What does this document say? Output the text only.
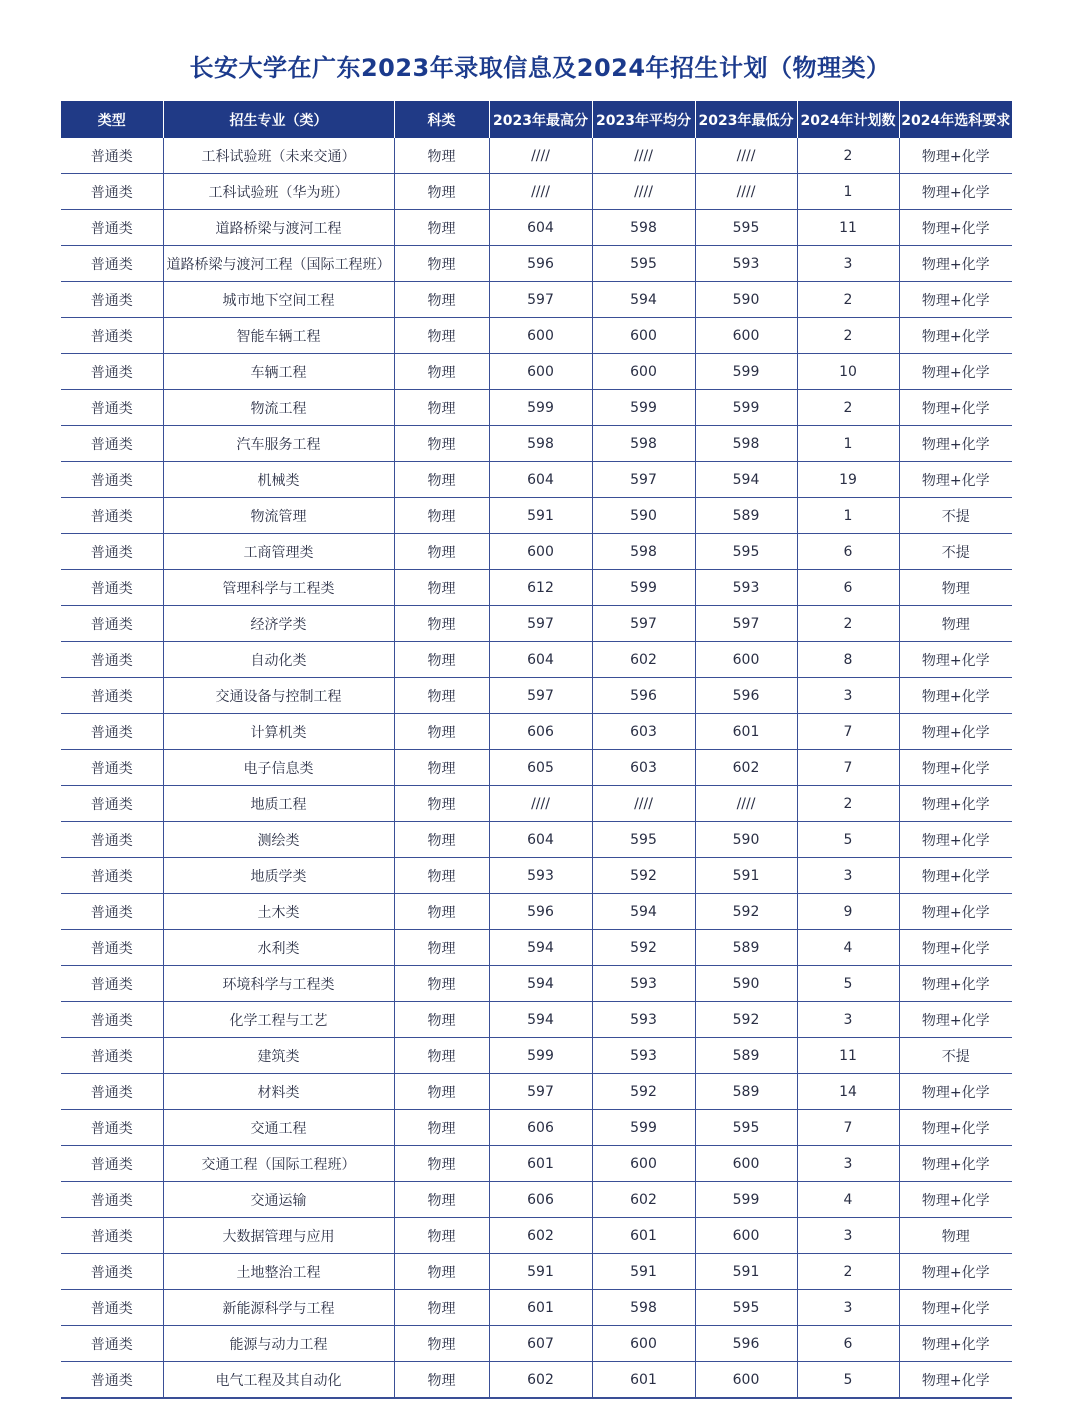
长安大学在广东2023年录取信息及2024年招生计划（物理类）
类型	招生专业（类）	科类	2023年最高分	2023年平均分	2023年最低分	2024年计划数	2024年选科要求
普通类	工科试验班（未来交通）	物理	////	////	////	2	物理+化学
普通类	工科试验班（华为班）	物理	////	////	////	1	物理+化学
普通类	道路桥梁与渡河工程	物理	604	598	595	11	物理+化学
普通类	道路桥梁与渡河工程（国际工程班）	物理	596	595	593	3	物理+化学
普通类	城市地下空间工程	物理	597	594	590	2	物理+化学
普通类	智能车辆工程	物理	600	600	600	2	物理+化学
普通类	车辆工程	物理	600	600	599	10	物理+化学
普通类	物流工程	物理	599	599	599	2	物理+化学
普通类	汽车服务工程	物理	598	598	598	1	物理+化学
普通类	机械类	物理	604	597	594	19	物理+化学
普通类	物流管理	物理	591	590	589	1	不提
普通类	工商管理类	物理	600	598	595	6	不提
普通类	管理科学与工程类	物理	612	599	593	6	物理
普通类	经济学类	物理	597	597	597	2	物理
普通类	自动化类	物理	604	602	600	8	物理+化学
普通类	交通设备与控制工程	物理	597	596	596	3	物理+化学
普通类	计算机类	物理	606	603	601	7	物理+化学
普通类	电子信息类	物理	605	603	602	7	物理+化学
普通类	地质工程	物理	////	////	////	2	物理+化学
普通类	测绘类	物理	604	595	590	5	物理+化学
普通类	地质学类	物理	593	592	591	3	物理+化学
普通类	土木类	物理	596	594	592	9	物理+化学
普通类	水利类	物理	594	592	589	4	物理+化学
普通类	环境科学与工程类	物理	594	593	590	5	物理+化学
普通类	化学工程与工艺	物理	594	593	592	3	物理+化学
普通类	建筑类	物理	599	593	589	11	不提
普通类	材料类	物理	597	592	589	14	物理+化学
普通类	交通工程	物理	606	599	595	7	物理+化学
普通类	交通工程（国际工程班）	物理	601	600	600	3	物理+化学
普通类	交通运输	物理	606	602	599	4	物理+化学
普通类	大数据管理与应用	物理	602	601	600	3	物理
普通类	土地整治工程	物理	591	591	591	2	物理+化学
普通类	新能源科学与工程	物理	601	598	595	3	物理+化学
普通类	能源与动力工程	物理	607	600	596	6	物理+化学
普通类	电气工程及其自动化	物理	602	601	600	5	物理+化学
